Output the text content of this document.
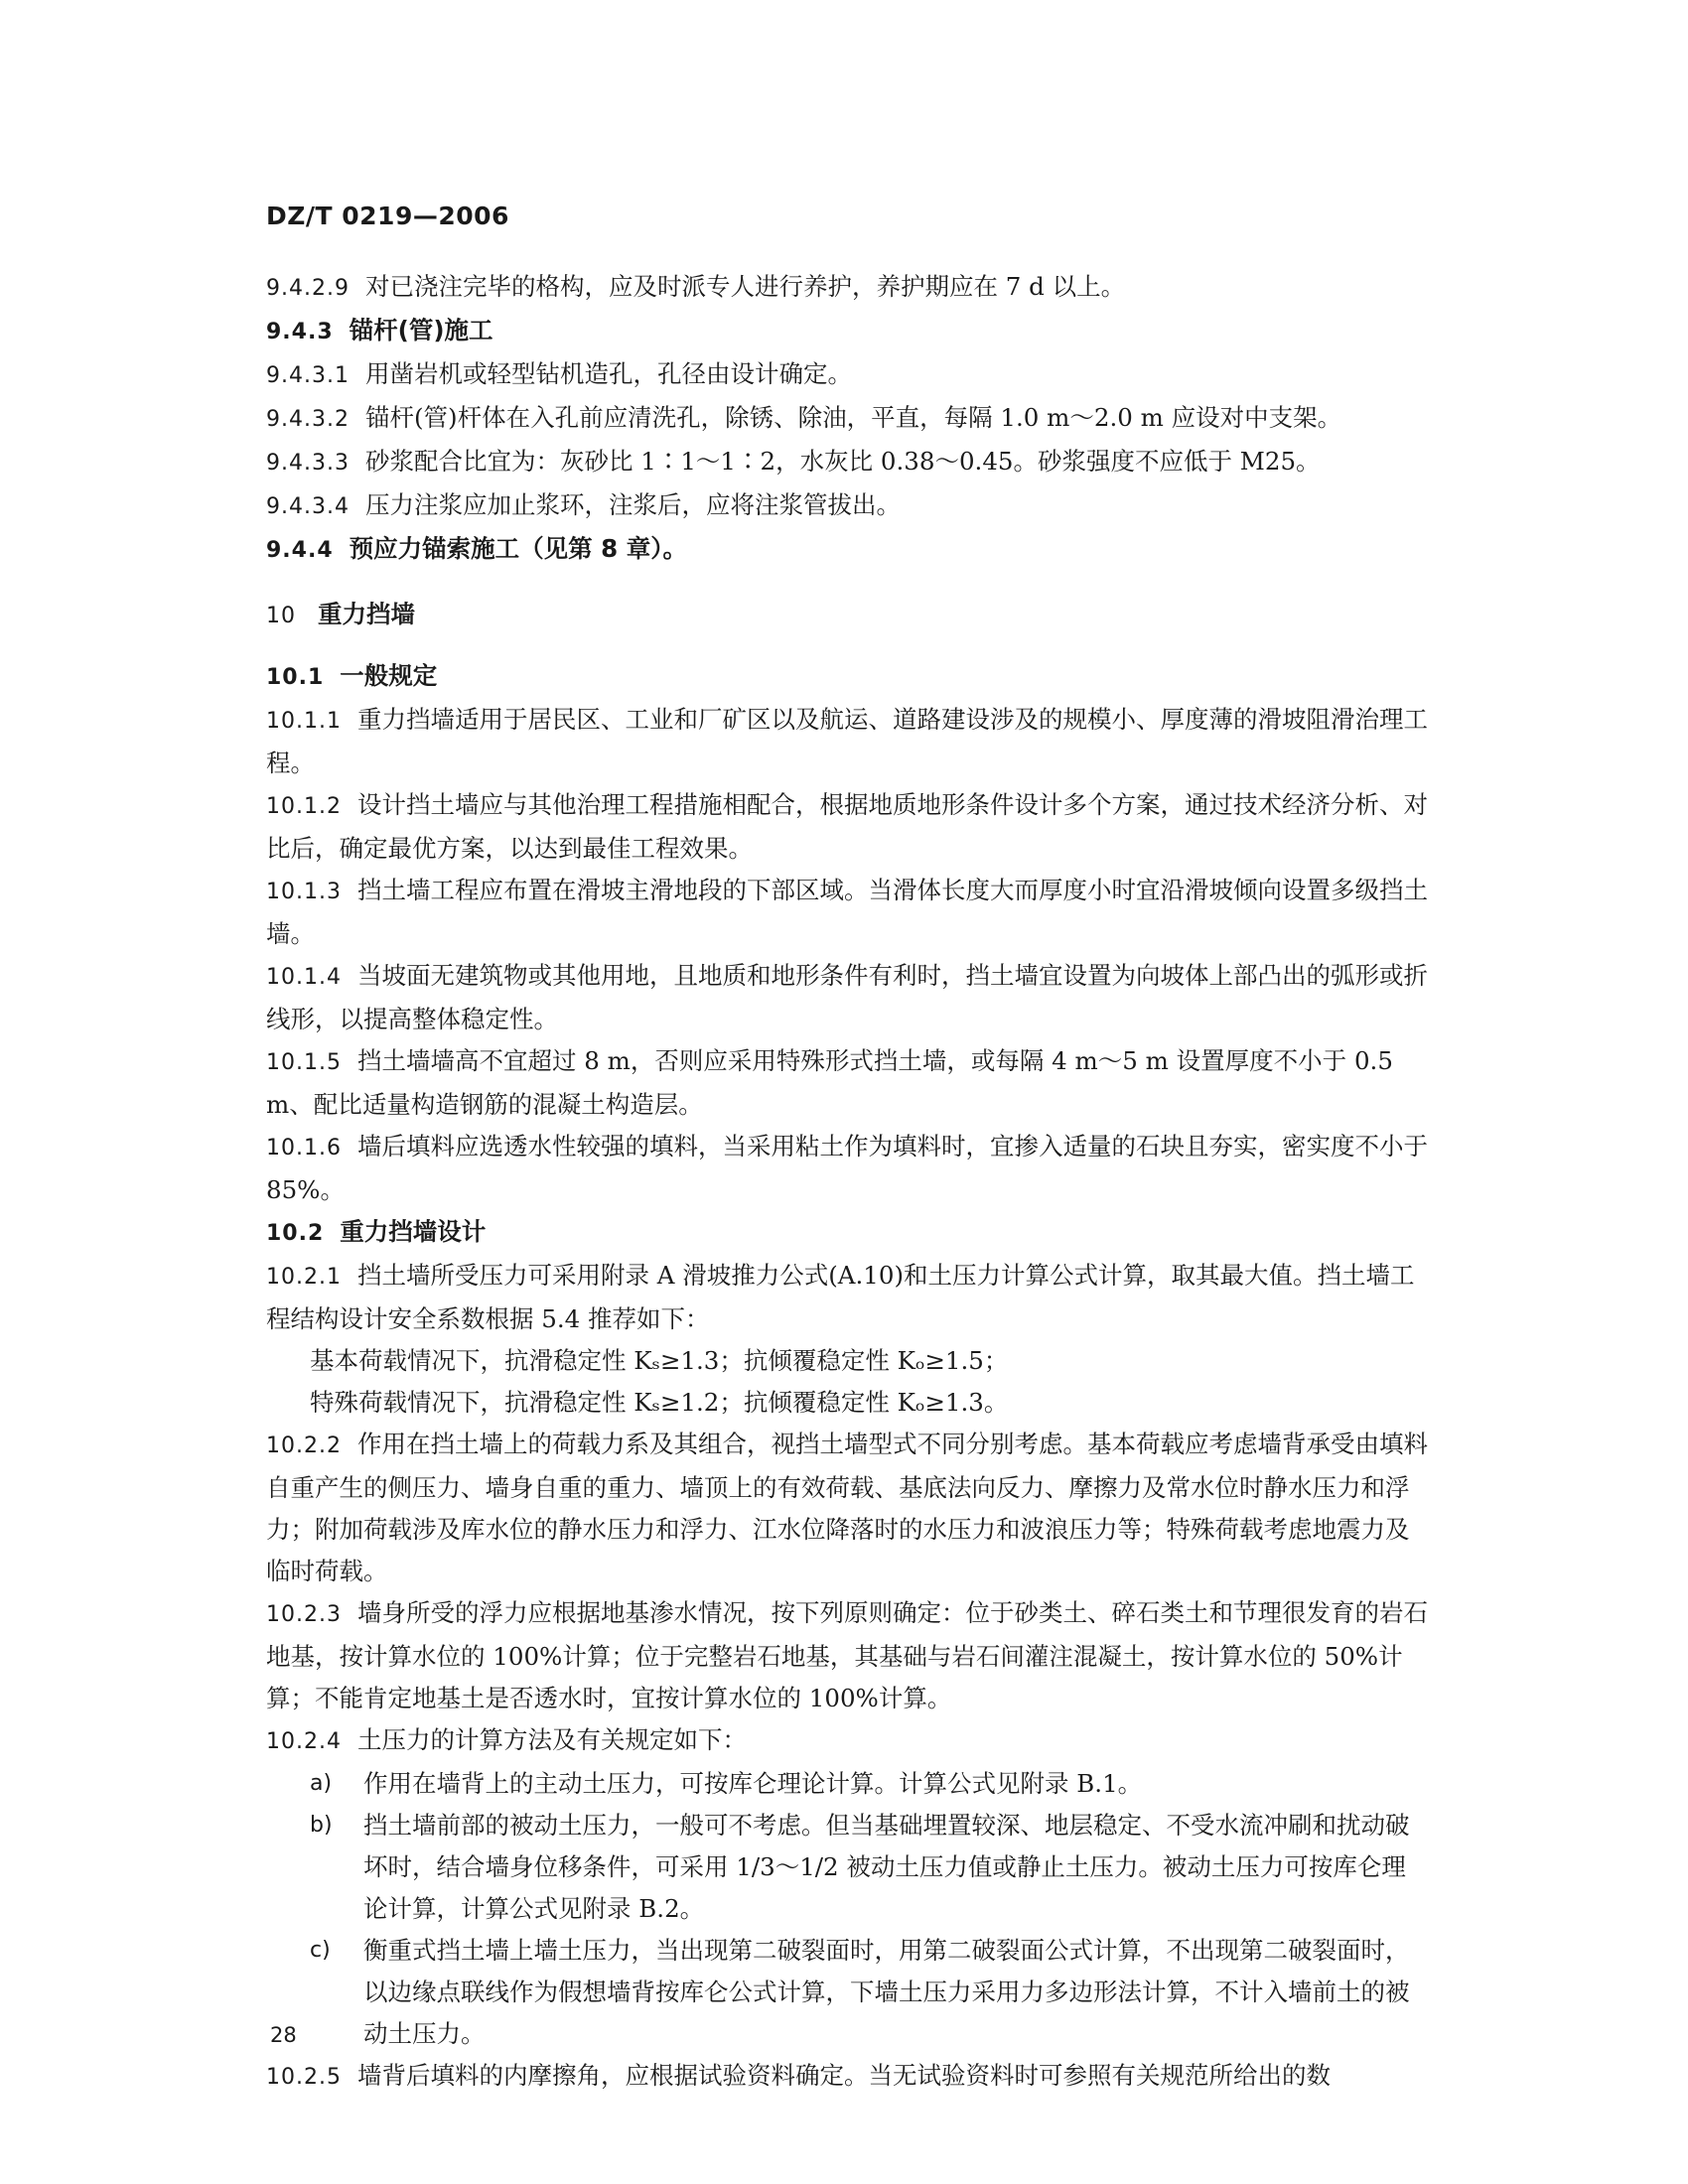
DZ/T 0219—2006

9.4.2.9 对已浇注完毕的格构，应及时派专人进行养护，养护期应在 7 d 以上。

9.4.3 锚杆(管)施工

9.4.3.1 用凿岩机或轻型钻机造孔，孔径由设计确定。

9.4.3.2 锚杆(管)杆体在入孔前应清洗孔，除锈、除油，平直，每隔 1.0 m～2.0 m 应设对中支架。

9.4.3.3 砂浆配合比宜为：灰砂比 1∶1～1∶2，水灰比 0.38～0.45。砂浆强度不应低于 M25。

9.4.3.4 压力注浆应加止浆环，注浆后，应将注浆管拔出。

9.4.4 预应力锚索施工（见第 8 章）。

10 重力挡墙

10.1 一般规定

10.1.1 重力挡墙适用于居民区、工业和厂矿区以及航运、道路建设涉及的规模小、厚度薄的滑坡阻滑治理工程。

10.1.2 设计挡土墙应与其他治理工程措施相配合，根据地质地形条件设计多个方案，通过技术经济分析、对比后，确定最优方案，以达到最佳工程效果。

10.1.3 挡土墙工程应布置在滑坡主滑地段的下部区域。当滑体长度大而厚度小时宜沿滑坡倾向设置多级挡土墙。

10.1.4 当坡面无建筑物或其他用地，且地质和地形条件有利时，挡土墙宜设置为向坡体上部凸出的弧形或折线形，以提高整体稳定性。

10.1.5 挡土墙墙高不宜超过 8 m，否则应采用特殊形式挡土墙，或每隔 4 m～5 m 设置厚度不小于 0.5 m、配比适量构造钢筋的混凝土构造层。

10.1.6 墙后填料应选透水性较强的填料，当采用粘土作为填料时，宜掺入适量的石块且夯实，密实度不小于 85%。

10.2 重力挡墙设计

10.2.1 挡土墙所受压力可采用附录 A 滑坡推力公式(A.10)和土压力计算公式计算，取其最大值。挡土墙工程结构设计安全系数根据 5.4 推荐如下：

基本荷载情况下，抗滑稳定性 Kₛ≥1.3；抗倾覆稳定性 Kₒ≥1.5；

特殊荷载情况下，抗滑稳定性 Kₛ≥1.2；抗倾覆稳定性 Kₒ≥1.3。

10.2.2 作用在挡土墙上的荷载力系及其组合，视挡土墙型式不同分别考虑。基本荷载应考虑墙背承受由填料自重产生的侧压力、墙身自重的重力、墙顶上的有效荷载、基底法向反力、摩擦力及常水位时静水压力和浮力；附加荷载涉及库水位的静水压力和浮力、江水位降落时的水压力和波浪压力等；特殊荷载考虑地震力及临时荷载。

10.2.3 墙身所受的浮力应根据地基渗水情况，按下列原则确定：位于砂类土、碎石类土和节理很发育的岩石地基，按计算水位的 100%计算；位于完整岩石地基，其基础与岩石间灌注混凝土，按计算水位的 50%计算；不能肯定地基土是否透水时，宜按计算水位的 100%计算。

10.2.4 土压力的计算方法及有关规定如下：

a)	作用在墙背上的主动土压力，可按库仑理论计算。计算公式见附录 B.1。
b)	挡土墙前部的被动土压力，一般可不考虑。但当基础埋置较深、地层稳定、不受水流冲刷和扰动破坏时，结合墙身位移条件，可采用 1/3～1/2 被动土压力值或静止土压力。被动土压力可按库仑理论计算，计算公式见附录 B.2。
c)	衡重式挡土墙上墙土压力，当出现第二破裂面时，用第二破裂面公式计算，不出现第二破裂面时，以边缘点联线作为假想墙背按库仑公式计算，下墙土压力采用力多边形法计算，不计入墙前土的被动土压力。

10.2.5 墙背后填料的内摩擦角，应根据试验资料确定。当无试验资料时可参照有关规范所给出的数

28
